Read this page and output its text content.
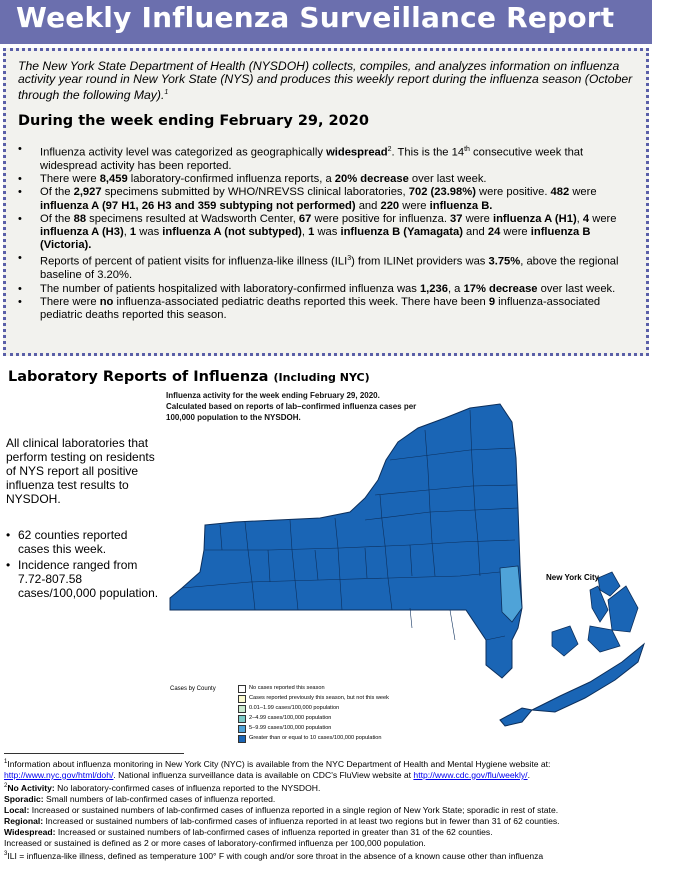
Weekly Influenza Surveillance Report
The New York State Department of Health (NYSDOH) collects, compiles, and analyzes information on influenza activity year round in New York State (NYS) and produces this weekly report during the influenza season (October through the following May).$^1$
During the week ending February 29, 2020
• Influenza activity level was categorized as geographically widespread$^2$. This is the 14th consecutive week that widespread activity has been reported.
• There were 8,459 laboratory-confirmed influenza reports, a 20% decrease over last week.
• Of the 2,927 specimens submitted by WHO/NREVSS clinical laboratories, 702 (23.98%) were positive. 482 were influenza A (97 H1, 26 H3 and 359 subtyping not performed) and 220 were influenza B.
• Of the 88 specimens resulted at Wadsworth Center, 67 were positive for influenza. 37 were influenza A (H1), 4 were influenza A (H3), 1 was influenza A (not subtyped), 1 was influenza B (Yamagata) and 24 were influenza B (Victoria).
• Reports of percent of patient visits for influenza-like illness (ILI$^3$) from ILINet providers was 3.75%, above the regional baseline of 3.20%.
• The number of patients hospitalized with laboratory-confirmed influenza was 1,236, a 17% decrease over last week.
• There were no influenza-associated pediatric deaths reported this week. There have been 9 influenza-associated pediatric deaths reported this season.
Laboratory Reports of Influenza (Including NYC)
Influenza activity for the week ending February 29, 2020.
Calculated based on reports of lab–confirmed influenza cases per 100,000 population to the NYSDOH.
All clinical laboratories that perform testing on residents of NYS report all positive influenza test results to NYSDOH.
• 62 counties reported cases this week.
• Incidence ranged from 7.72-807.58 cases/100,000 population.
New York City
Cases by County	No cases reported this season
Cases reported previously this season, but not this week
0.01–1.99 cases/100,000 population
2–4.99 cases/100,000 population
5–9.99 cases/100,000 population
Greater than or equal to 10 cases/100,000 population

$^1$Information about influenza monitoring in New York City (NYC) is available from the NYC Department of Health and Mental Hygiene website at: http://www.nyc.gov/html/doh/. National influenza surveillance data is available on CDC's FluView website at http://www.cdc.gov/flu/weekly/.

$^2$No Activity: No laboratory-confirmed cases of influenza reported to the NYSDOH.

Sporadic: Small numbers of lab-confirmed cases of influenza reported.

Local: Increased or sustained numbers of lab-confirmed cases of influenza reported in a single region of New York State; sporadic in rest of state.

Regional: Increased or sustained numbers of lab-confirmed cases of influenza reported in at least two regions but in fewer than 31 of 62 counties.

Widespread: Increased or sustained numbers of lab-confirmed cases of influenza reported in greater than 31 of the 62 counties.

Increased or sustained is defined as 2 or more cases of laboratory-confirmed influenza per 100,000 population.

$^3$ILI = influenza-like illness, defined as temperature 100° F with cough and/or sore throat in the absence of a known cause other than influenza
